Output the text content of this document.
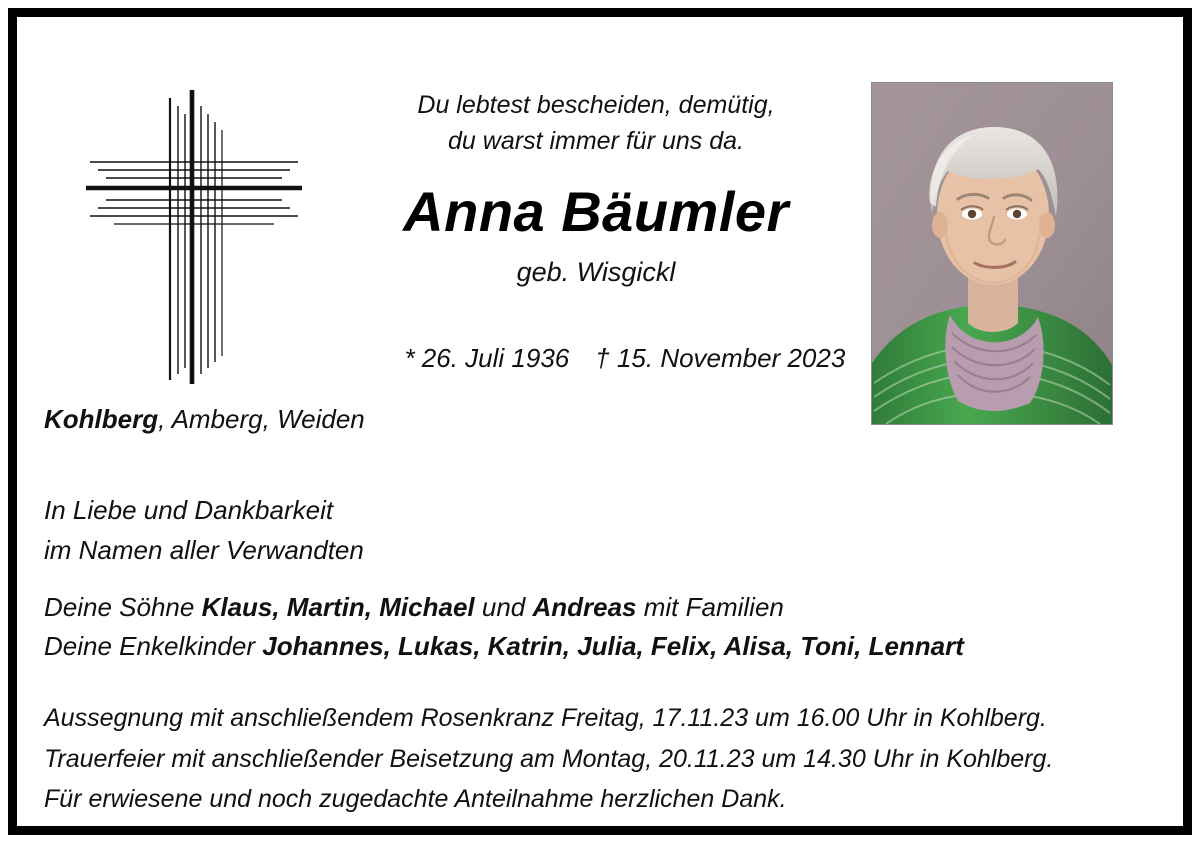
Du lebtest bescheiden, demütig,
du warst immer für uns da.

Anna Bäumler

geb. Wisgickl

* 26. Juli 1936 † 15. November 2023

Kohlberg, Amberg, Weiden
In Liebe und Dankbarkeit
im Namen aller Verwandten
Deine Söhne Klaus, Martin, Michael und Andreas mit Familien
Deine Enkelkinder Johannes, Lukas, Katrin, Julia, Felix, Alisa, Toni, Lennart
Aussegnung mit anschließendem Rosenkranz Freitag, 17.11.23 um 16.00 Uhr in Kohlberg.
Trauerfeier mit anschließender Beisetzung am Montag, 20.11.23 um 14.30 Uhr in Kohlberg.
Für erwiesene und noch zugedachte Anteilnahme herzlichen Dank.
